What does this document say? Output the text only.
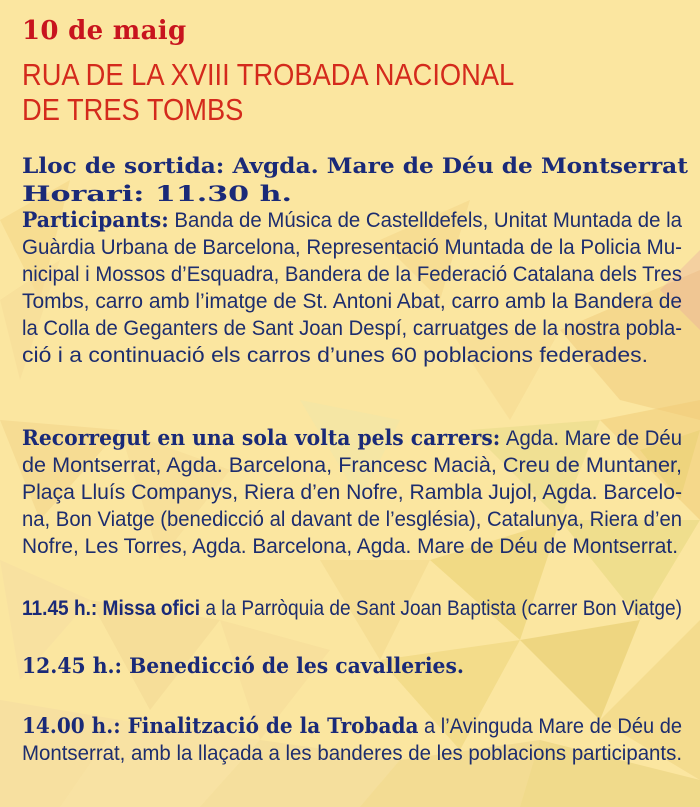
10 de maig
RUA DE LA XVIII TROBADA NACIONAL
DE TRES TOMBS
Lloc de sortida: Avgda. Mare de Déu de Montserrat
Horari: 11.30 h.
Participants: Banda de Música de Castelldefels, Unitat Muntada de la
Guàrdia Urbana de Barcelona, Representació Muntada de la Policia Mu-
nicipal i Mossos d’Esquadra, Bandera de la Federació Catalana dels Tres
Tombs, carro amb l’imatge de St. Antoni Abat, carro amb la Bandera de
la Colla de Geganters de Sant Joan Despí, carruatges de la nostra pobla-
ció i a continuació els carros d’unes 60 poblacions federades.
Recorregut en una sola volta pels carrers: Agda. Mare de Déu
de Montserrat, Agda. Barcelona, Francesc Macià, Creu de Muntaner,
Plaça Lluís Companys, Riera d’en Nofre, Rambla Jujol, Agda. Barcelo-
na, Bon Viatge (benedicció al davant de l’església), Catalunya, Riera d’en
Nofre, Les Torres, Agda. Barcelona, Agda. Mare de Déu de Montserrat.
11.45 h.: Missa ofici a la Parròquia de Sant Joan Baptista (carrer Bon Viatge)
12.45 h.: Benedicció de les cavalleries.
14.00 h.: Finalització de la Trobada a l’Avinguda Mare de Déu de
Montserrat, amb la llaçada a les banderes de les poblacions participants.
